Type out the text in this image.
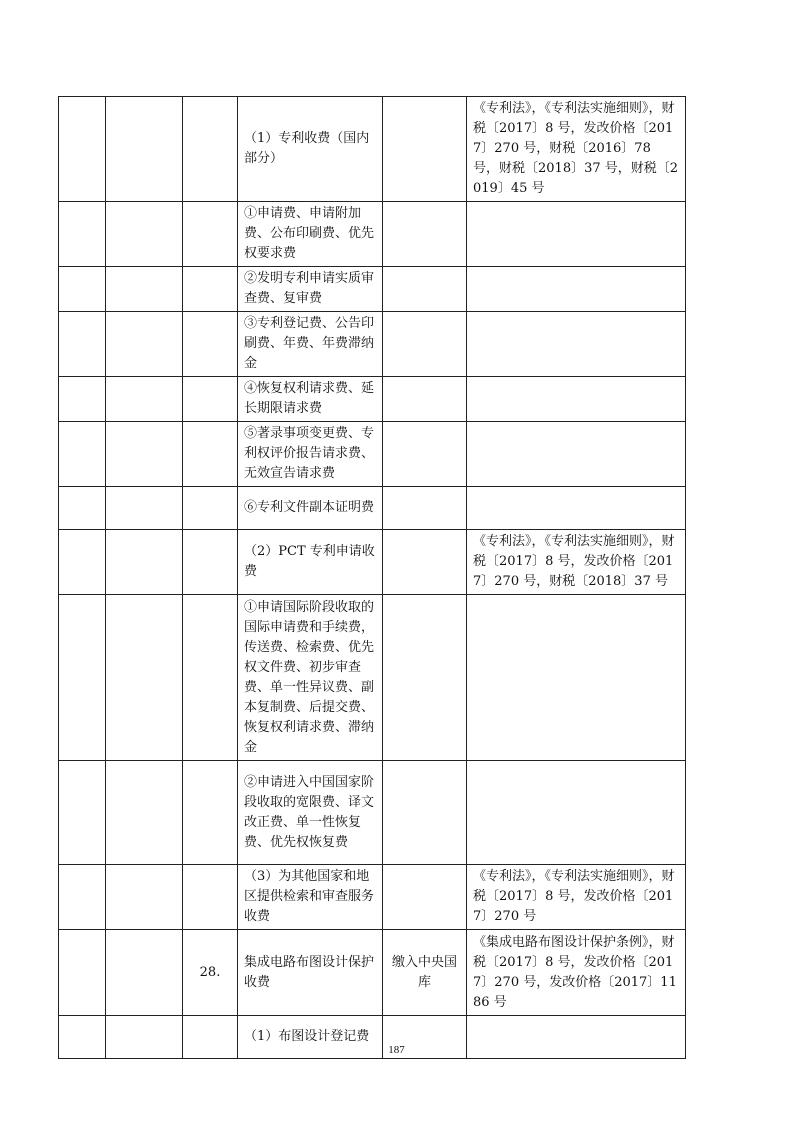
			（1）专利收费（国内部分）		《专利法》，《专利法实施细则》，财税〔2017〕8 号，发改价格〔2017〕270 号，财税〔2016〕78 号，财税〔2018〕37 号，财税〔2019〕45 号
			①申请费、申请附加费、公布印刷费、优先权要求费		
			②发明专利申请实质审查费、复审费		
			③专利登记费、公告印刷费、年费、年费滞纳金		
			④恢复权利请求费、延长期限请求费		
			⑤著录事项变更费、专利权评价报告请求费、无效宣告请求费		
			⑥专利文件副本证明费		
			（2）PCT 专利申请收费		《专利法》，《专利法实施细则》，财税〔2017〕8 号，发改价格〔2017〕270 号，财税〔2018〕37 号
			①申请国际阶段收取的国际申请费和手续费，传送费、检索费、优先权文件费、初步审查费、单一性异议费、副本复制费、后提交费、恢复权利请求费、滞纳金		
			②申请进入中国国家阶段收取的宽限费、译文改正费、单一性恢复费、优先权恢复费		
			（3）为其他国家和地区提供检索和审查服务收费		《专利法》，《专利法实施细则》，财税〔2017〕8 号，发改价格〔2017〕270 号
		28.	集成电路布图设计保护收费	缴入中央国库	《集成电路布图设计保护条例》，财税〔2017〕8 号，发改价格〔2017〕270 号，发改价格〔2017〕1186 号
			（1）布图设计登记费		
187
